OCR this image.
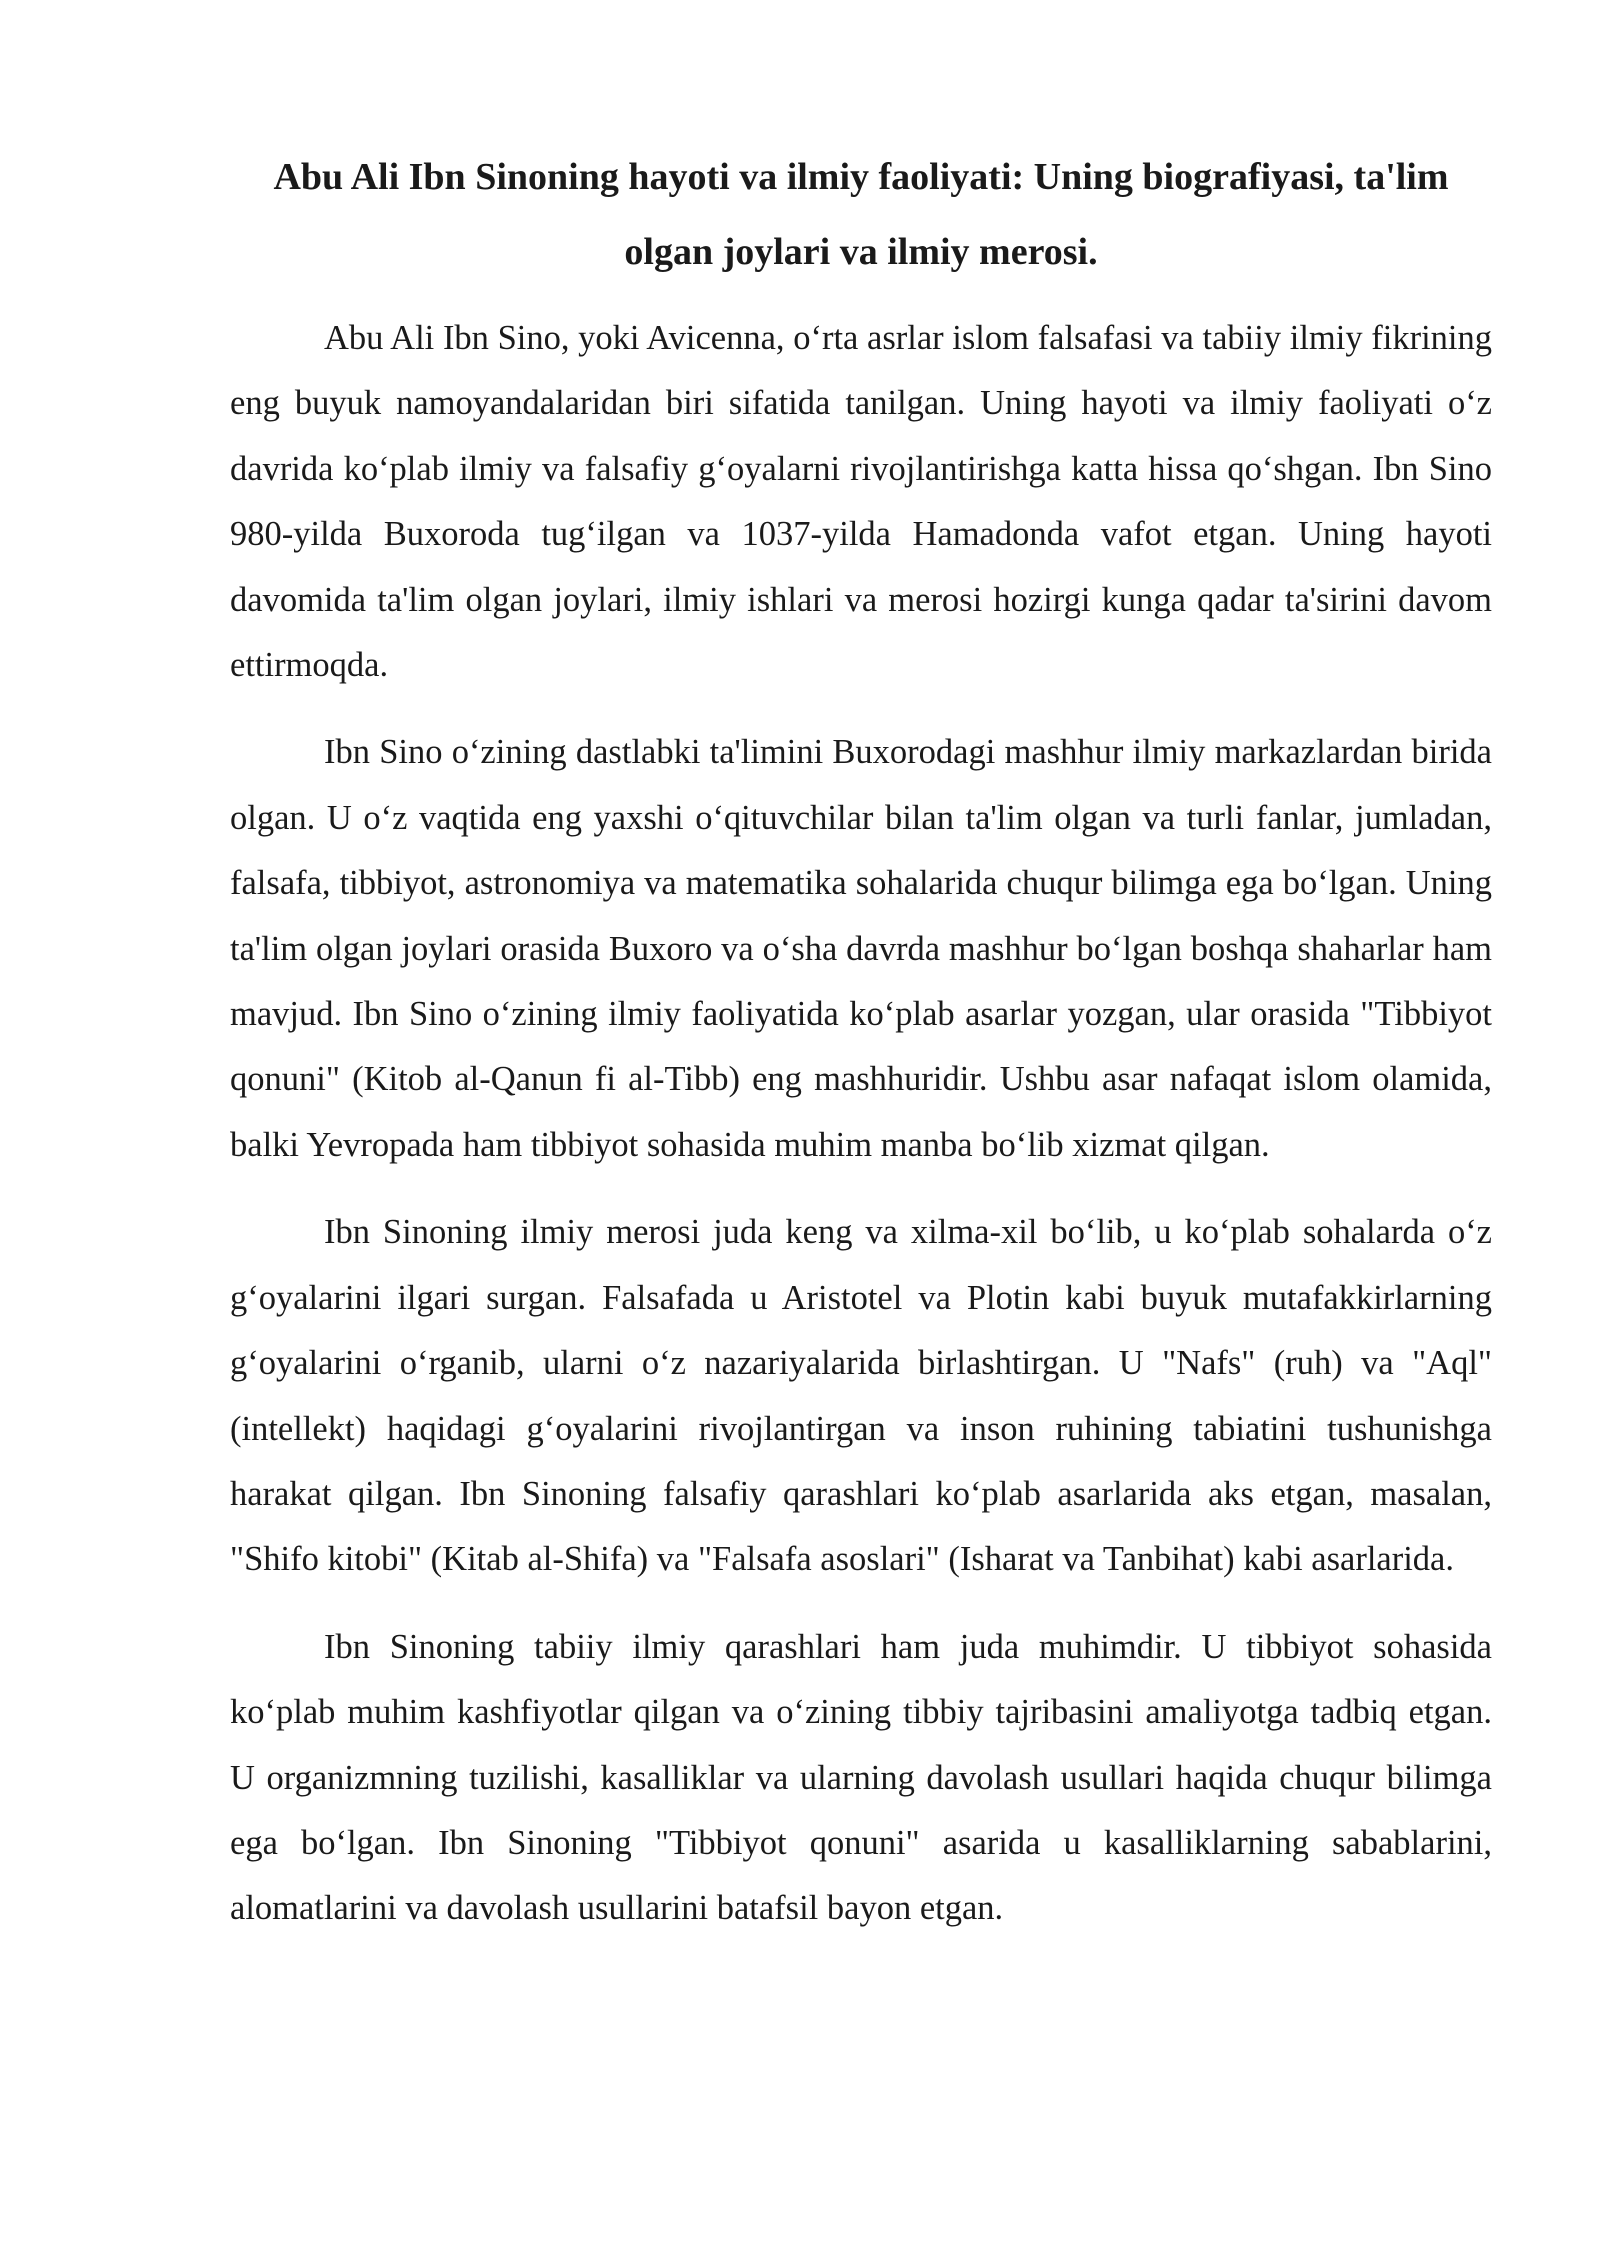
Abu Ali Ibn Sinoning hayoti va ilmiy faoliyati: Uning biografiyasi, ta'lim olgan joylari va ilmiy merosi.

Abu Ali Ibn Sino, yoki Avicenna, o‘rta asrlar islom falsafasi va tabiiy ilmiy fikrining eng buyuk namoyandalaridan biri sifatida tanilgan. Uning hayoti va ilmiy faoliyati o‘z davrida ko‘plab ilmiy va falsafiy g‘oyalarni rivojlantirishga katta hissa qo‘shgan. Ibn Sino 980-yilda Buxoroda tug‘ilgan va 1037-yilda Hamadonda vafot etgan. Uning hayoti davomida ta'lim olgan joylari, ilmiy ishlari va merosi hozirgi kunga qadar ta'sirini davom ettirmoqda.

Ibn Sino o‘zining dastlabki ta'limini Buxorodagi mashhur ilmiy markazlardan birida olgan. U o‘z vaqtida eng yaxshi o‘qituvchilar bilan ta'lim olgan va turli fanlar, jumladan, falsafa, tibbiyot, astronomiya va matematika sohalarida chuqur bilimga ega bo‘lgan. Uning ta'lim olgan joylari orasida Buxoro va o‘sha davrda mashhur bo‘lgan boshqa shaharlar ham mavjud. Ibn Sino o‘zining ilmiy faoliyatida ko‘plab asarlar yozgan, ular orasida "Tibbiyot qonuni" (Kitob al-Qanun fi al-Tibb) eng mashhuridir. Ushbu asar nafaqat islom olamida, balki Yevropada ham tibbiyot sohasida muhim manba bo‘lib xizmat qilgan.

Ibn Sinoning ilmiy merosi juda keng va xilma-xil bo‘lib, u ko‘plab sohalarda o‘z g‘oyalarini ilgari surgan. Falsafada u Aristotel va Plotin kabi buyuk mutafakkirlarning g‘oyalarini o‘rganib, ularni o‘z nazariyalarida birlashtirgan. U "Nafs" (ruh) va "Aql" (intellekt) haqidagi g‘oyalarini rivojlantirgan va inson ruhining tabiatini tushunishga harakat qilgan. Ibn Sinoning falsafiy qarashlari ko‘plab asarlarida aks etgan, masalan, "Shifo kitobi" (Kitab al-Shifa) va "Falsafa asoslari" (Isharat va Tanbihat) kabi asarlarida.

Ibn Sinoning tabiiy ilmiy qarashlari ham juda muhimdir. U tibbiyot sohasida ko‘plab muhim kashfiyotlar qilgan va o‘zining tibbiy tajribasini amaliyotga tadbiq etgan. U organizmning tuzilishi, kasalliklar va ularning davolash usullari haqida chuqur bilimga ega bo‘lgan. Ibn Sinoning "Tibbiyot qonuni" asarida u kasalliklarning sabablarini, alomatlarini va davolash usullarini batafsil bayon etgan.
